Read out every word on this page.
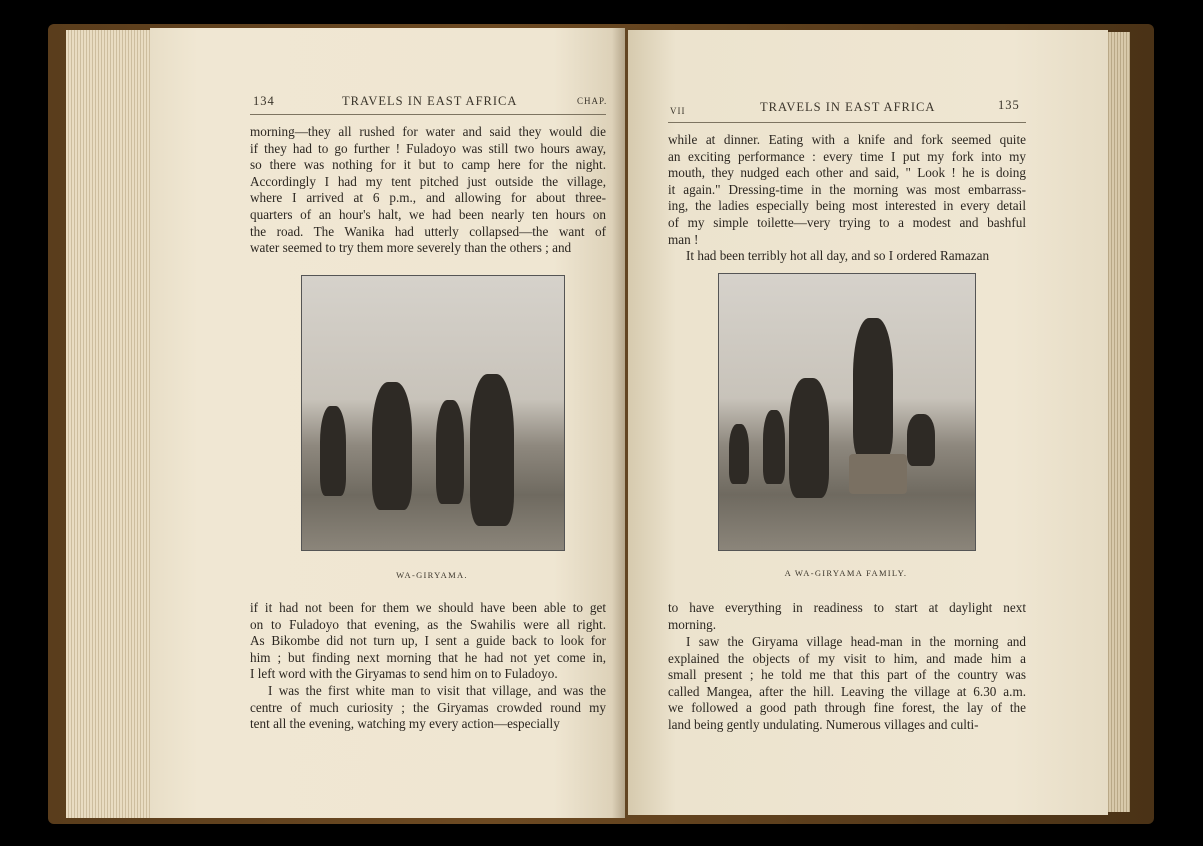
134	TRAVELS IN EAST AFRICA	CHAP.
morning—they all rushed for water and said they would die
if they had to go further ! Fuladoyo was still two hours away,
so there was nothing for it but to camp here for the night.
Accordingly I had my tent pitched just outside the village,
where I arrived at 6 p.m., and allowing for about three-
quarters of an hour's halt, we had been nearly ten hours on
the road. The Wanika had utterly collapsed—the want of
water seemed to try them more severely than the others ; and
WA-GIRYAMA.
if it had not been for them we should have been able to get
on to Fuladoyo that evening, as the Swahilis were all right.
As Bikombe did not turn up, I sent a guide back to look for
him ; but finding next morning that he had not yet come in,
I left word with the Giryamas to send him on to Fuladoyo.
I was the first white man to visit that village, and was the
centre of much curiosity ; the Giryamas crowded round my
tent all the evening, watching my every action—especially
VII	TRAVELS IN EAST AFRICA	135
while at dinner. Eating with a knife and fork seemed quite
an exciting performance : every time I put my fork into my
mouth, they nudged each other and said, " Look ! he is doing
it again." Dressing-time in the morning was most embarrass-
ing, the ladies especially being most interested in every detail
of my simple toilette—very trying to a modest and bashful
man !
It had been terribly hot all day, and so I ordered Ramazan
A WA-GIRYAMA FAMILY.
to have everything in readiness to start at daylight next
morning.
I saw the Giryama village head-man in the morning and
explained the objects of my visit to him, and made him a
small present ; he told me that this part of the country was
called Mangea, after the hill. Leaving the village at 6.30 a.m.
we followed a good path through fine forest, the lay of the
land being gently undulating. Numerous villages and culti-
